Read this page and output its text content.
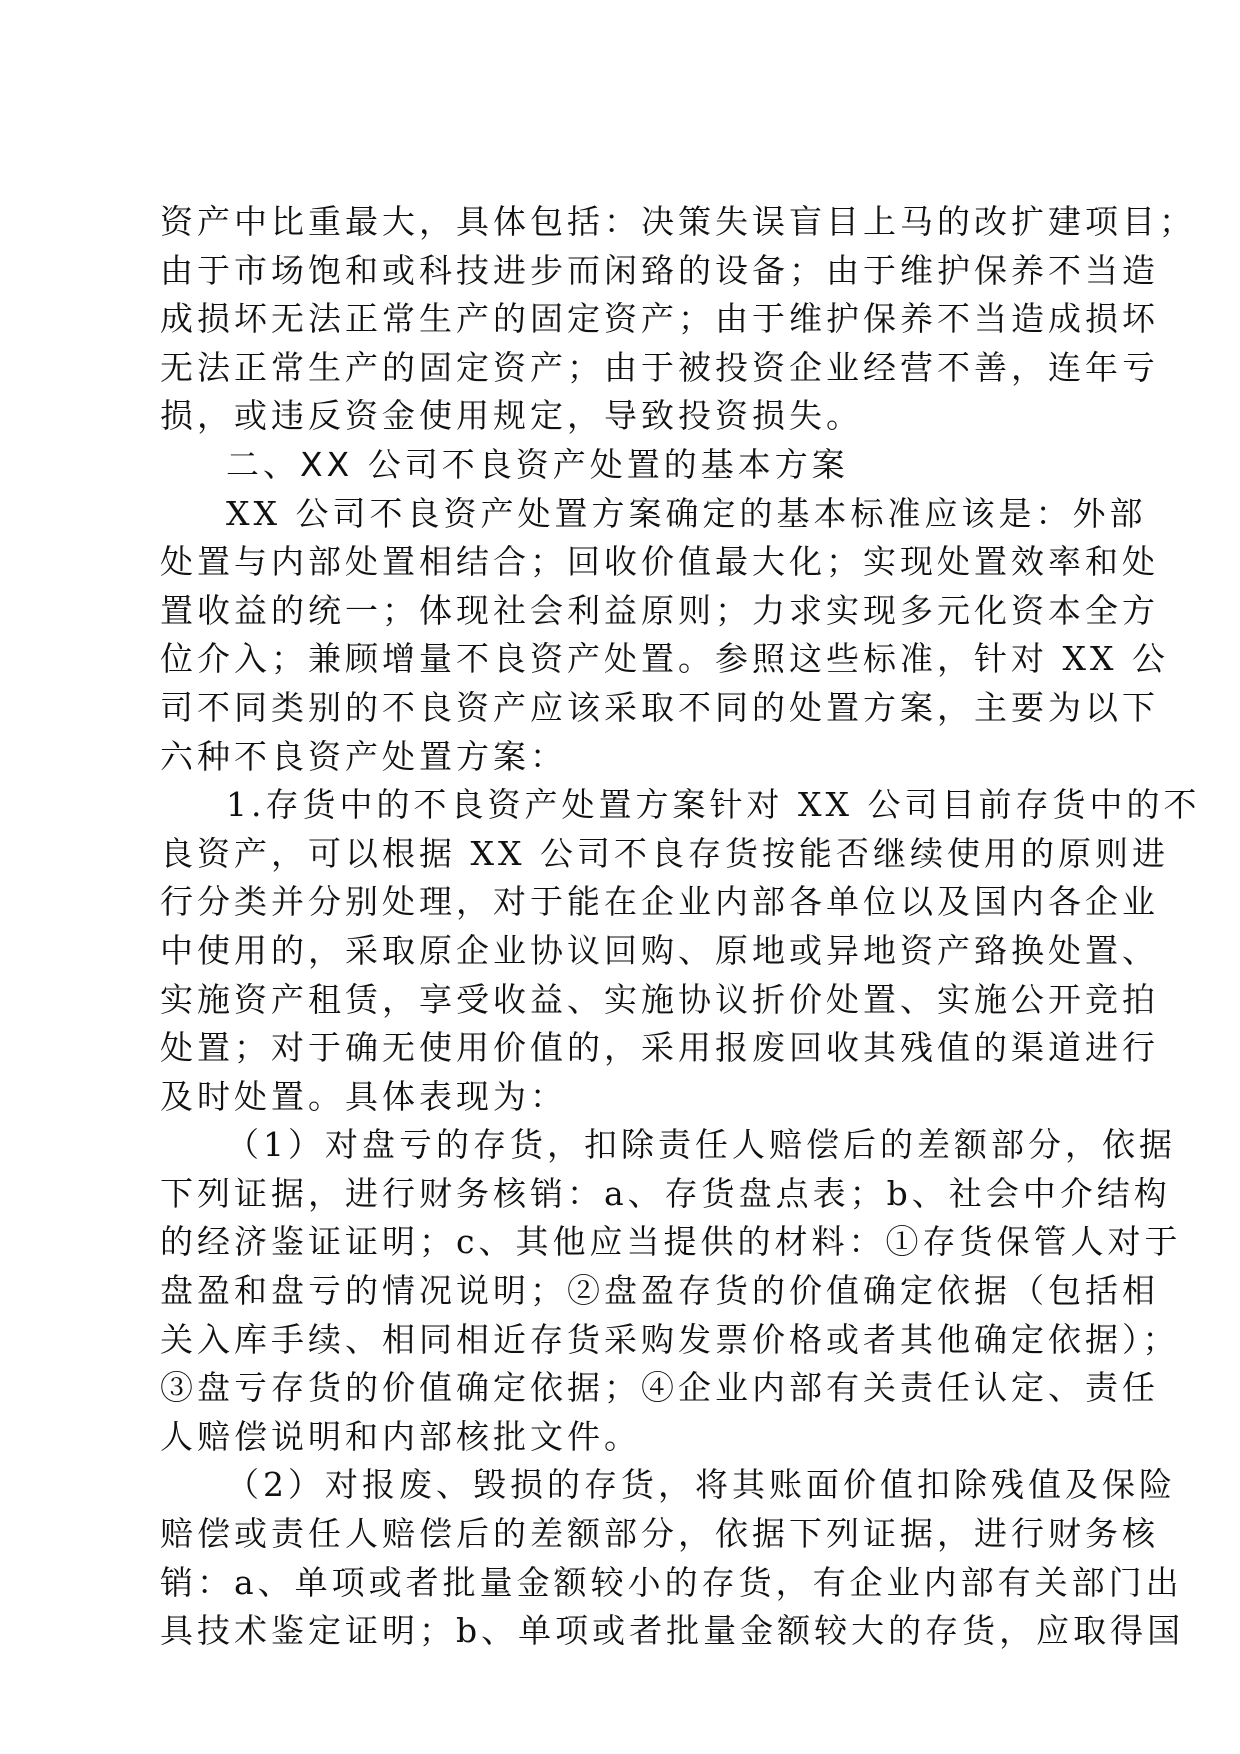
资产中比重最大，具体包括：决策失误盲目上马的改扩建项目；
由于市场饱和或科技进步而闲臵的设备；由于维护保养不当造
成损坏无法正常生产的固定资产；由于维护保养不当造成损坏
无法正常生产的固定资产；由于被投资企业经营不善，连年亏
损，或违反资金使用规定，导致投资损失。
二、XX 公司不良资产处置的基本方案
XX 公司不良资产处置方案确定的基本标准应该是：外部
处置与内部处置相结合；回收价值最大化；实现处置效率和处
置收益的统一；体现社会利益原则；力求实现多元化资本全方
位介入；兼顾增量不良资产处置。参照这些标准，针对 XX 公
司不同类别的不良资产应该采取不同的处置方案，主要为以下
六种不良资产处置方案：
1.存货中的不良资产处置方案针对 XX 公司目前存货中的不
良资产，可以根据 XX 公司不良存货按能否继续使用的原则进
行分类并分别处理，对于能在企业内部各单位以及国内各企业
中使用的，采取原企业协议回购、原地或异地资产臵换处置、
实施资产租赁，享受收益、实施协议折价处置、实施公开竞拍
处置；对于确无使用价值的，采用报废回收其残值的渠道进行
及时处置。具体表现为：
（1）对盘亏的存货，扣除责任人赔偿后的差额部分，依据
下列证据，进行财务核销：a、存货盘点表；b、社会中介结构
的经济鉴证证明；c、其他应当提供的材料：①存货保管人对于
盘盈和盘亏的情况说明；②盘盈存货的价值确定依据（包括相
关入库手续、相同相近存货采购发票价格或者其他确定依据）；
③盘亏存货的价值确定依据；④企业内部有关责任认定、责任
人赔偿说明和内部核批文件。
（2）对报废、毁损的存货，将其账面价值扣除残值及保险
赔偿或责任人赔偿后的差额部分，依据下列证据，进行财务核
销：a、单项或者批量金额较小的存货，有企业内部有关部门出
具技术鉴定证明；b、单项或者批量金额较大的存货，应取得国
